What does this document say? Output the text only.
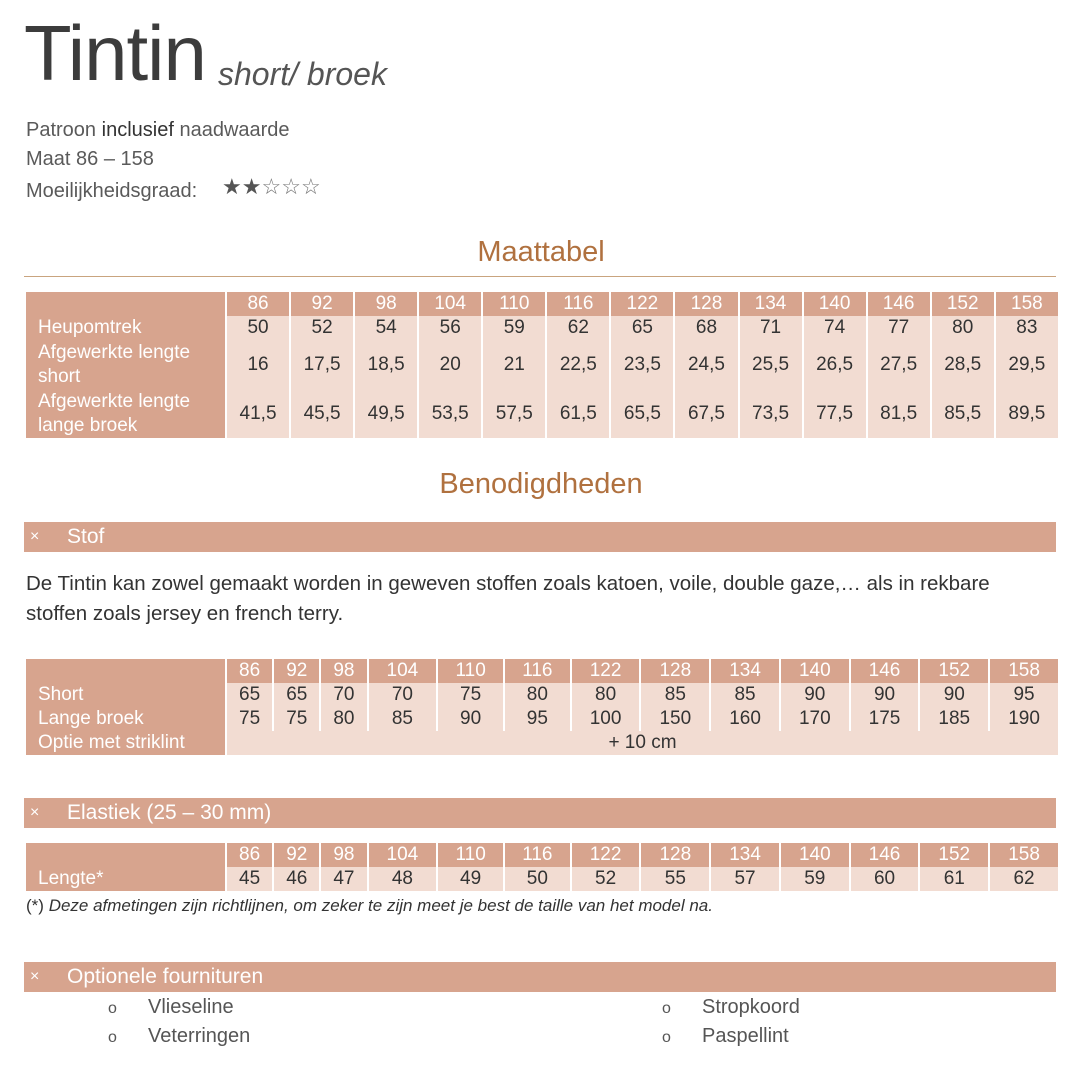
Tintin short/ broek
Patroon inclusief naadwaarde
Maat 86 – 158
Moeilijkheidsgraad: ★ ★ ☆ ☆ ☆
Maattabel
	86	92	98	104	110	116	122	128	134	140	146	152	158
Heupomtrek	50	52	54	56	59	62	65	68	71	74	77	80	83
Afgewerkte lengte short	16	17,5	18,5	20	21	22,5	23,5	24,5	25,5	26,5	27,5	28,5	29,5
Afgewerkte lengte lange broek	41,5	45,5	49,5	53,5	57,5	61,5	65,5	67,5	73,5	77,5	81,5	85,5	89,5
Benodigdheden
× Stof
De Tintin kan zowel gemaakt worden in geweven stoffen zoals katoen, voile, double gaze,… als in rekbare stoffen zoals jersey en french terry.
	86	92	98	104	110	116	122	128	134	140	146	152	158
Short	65	65	70	70	75	80	80	85	85	90	90	90	95
Lange broek	75	75	80	85	90	95	100	150	160	170	175	185	190
Optie met striklint	+ 10 cm												
× Elastiek (25 – 30 mm)
	86	92	98	104	110	116	122	128	134	140	146	152	158
Lengte*	45	46	47	48	49	50	52	55	57	59	60	61	62
(*) Deze afmetingen zijn richtlijnen, om zeker te zijn meet je best de taille van het model na.
× Optionele fournituren
o Vlieseline
o Veterringen
o Stropkoord
o Paspellint
